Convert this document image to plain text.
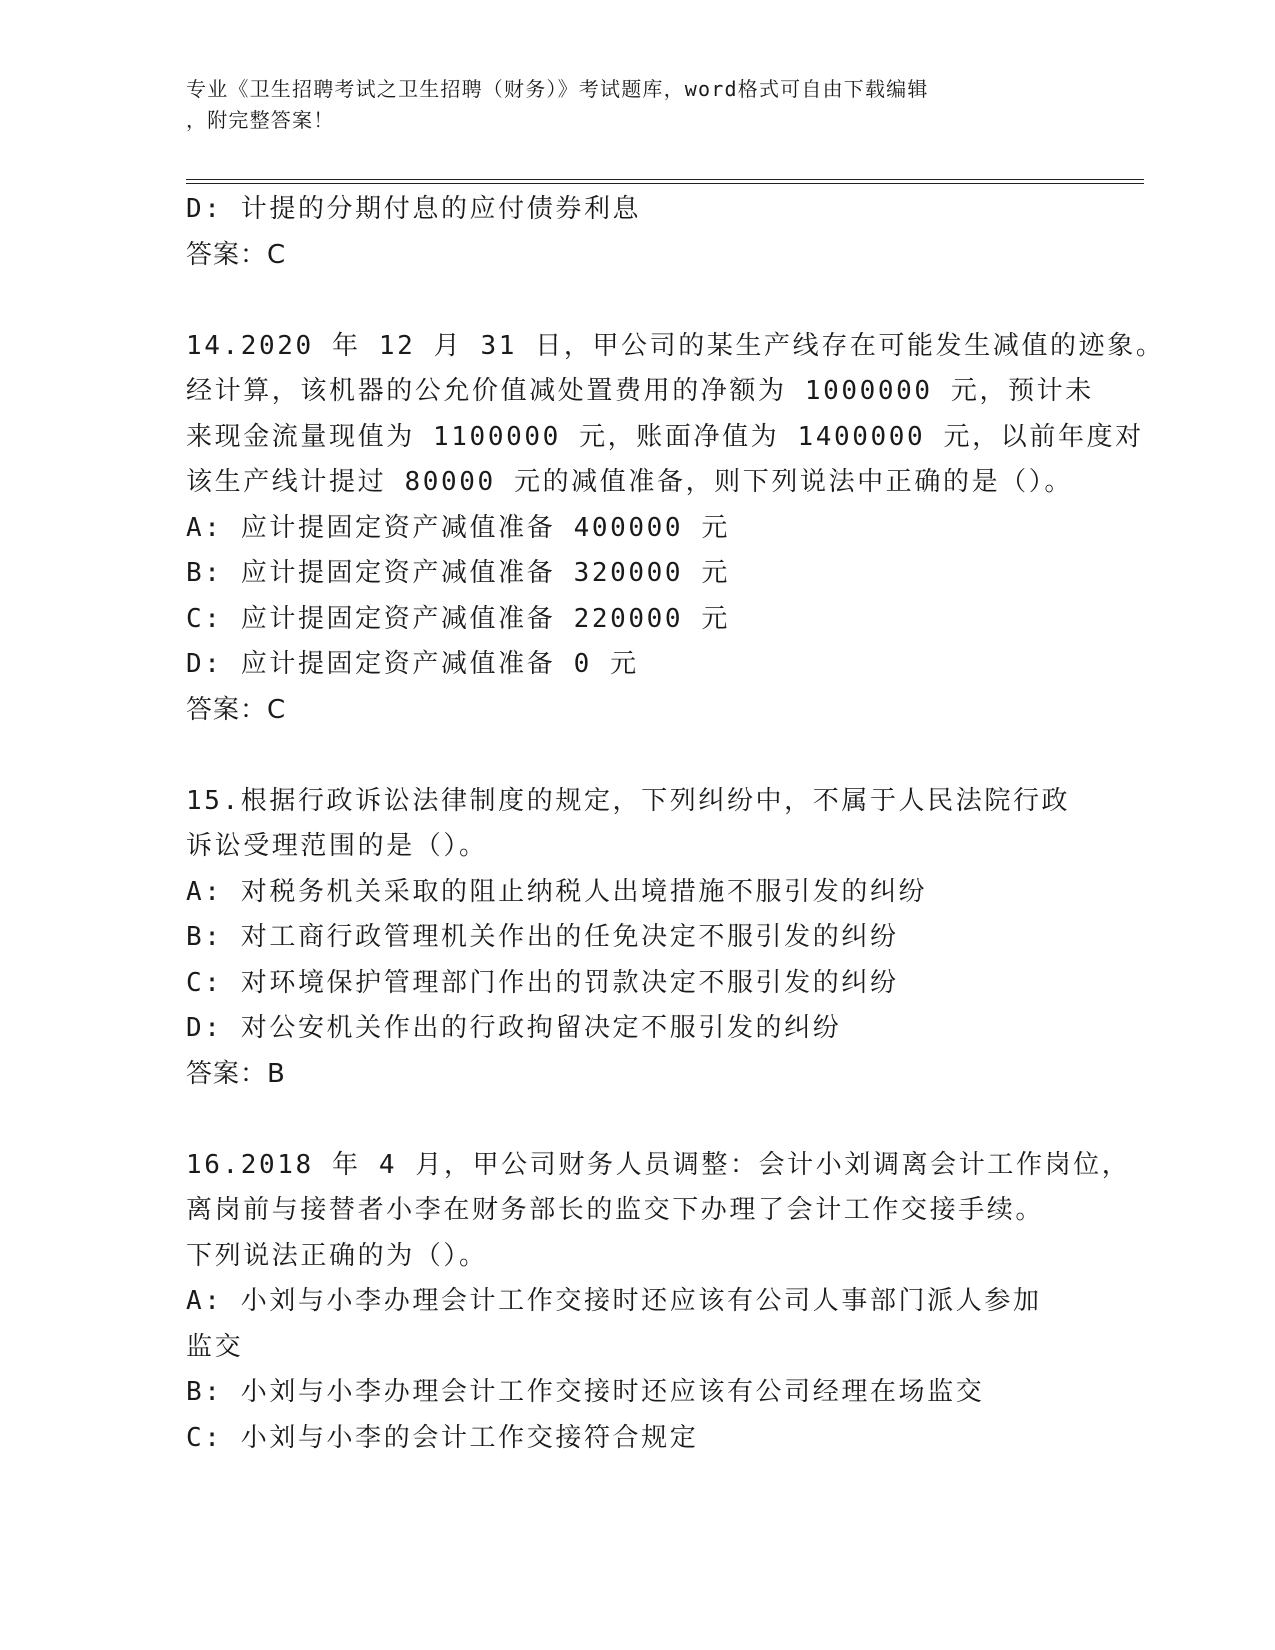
专业《卫生招聘考试之卫生招聘（财务）》考试题库，word格式可自由下载编辑
，附完整答案！
D: 计提的分期付息的应付债券利息
答案：C
14.2020 年 12 月 31 日，甲公司的某生产线存在可能发生减值的迹象。
经计算，该机器的公允价值减处置费用的净额为 1000000 元，预计未
来现金流量现值为 1100000 元，账面净值为 1400000 元，以前年度对
该生产线计提过 80000 元的减值准备，则下列说法中正确的是（）。
A: 应计提固定资产减值准备 400000 元
B: 应计提固定资产减值准备 320000 元
C: 应计提固定资产减值准备 220000 元
D: 应计提固定资产减值准备 0 元
答案：C
15.根据行政诉讼法律制度的规定，下列纠纷中，不属于人民法院行政
诉讼受理范围的是（）。
A: 对税务机关采取的阻止纳税人出境措施不服引发的纠纷
B: 对工商行政管理机关作出的任免决定不服引发的纠纷
C: 对环境保护管理部门作出的罚款决定不服引发的纠纷
D: 对公安机关作出的行政拘留决定不服引发的纠纷
答案：B
16.2018 年 4 月，甲公司财务人员调整：会计小刘调离会计工作岗位，
离岗前与接替者小李在财务部长的监交下办理了会计工作交接手续。
下列说法正确的为（）。
A: 小刘与小李办理会计工作交接时还应该有公司人事部门派人参加监交
B: 小刘与小李办理会计工作交接时还应该有公司经理在场监交
C: 小刘与小李的会计工作交接符合规定
